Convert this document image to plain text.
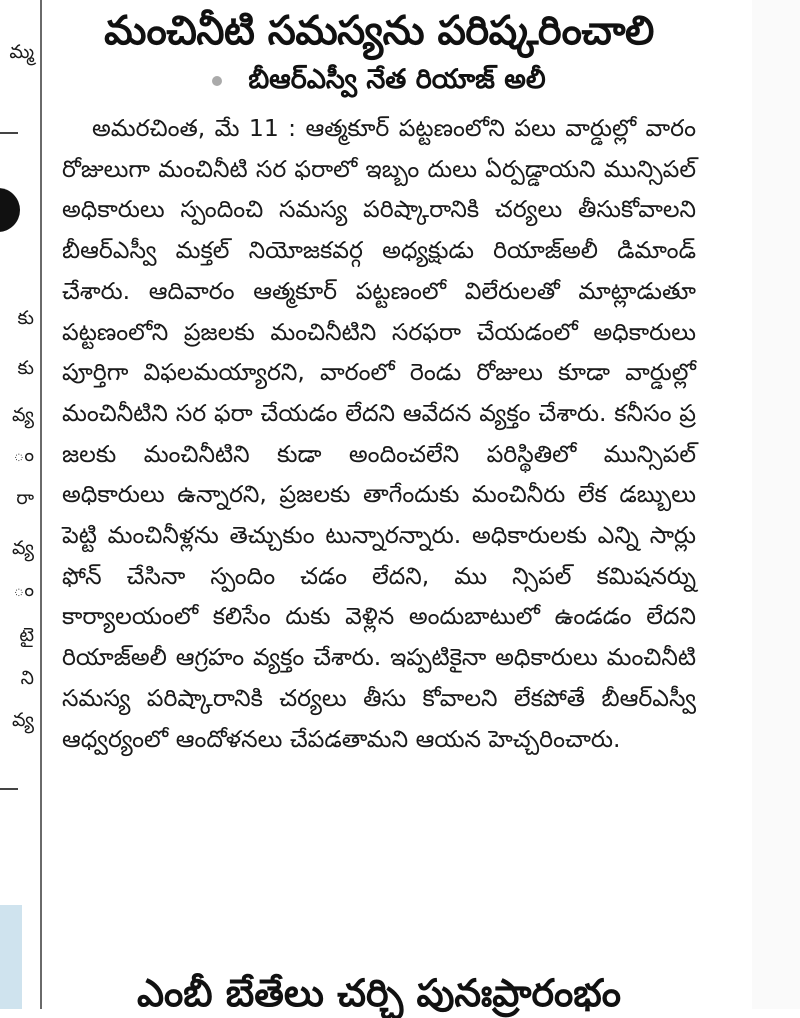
మ్మ
కు
కు
వ్య
ం
రా
వ్య
ం
టై
ని
వ్య
మంచినీటి సమస్యను పరిష్కరించాలి
బీఆర్ఎస్వీ నేత రియాజ్ అలీ

అమరచింత, మే 11 : ఆత్మకూర్ పట్టణంలోని పలు వార్డుల్లో వారం రోజులుగా మంచినీటి సర ఫరాలో ఇబ్బం దులు ఏర్పడ్డాయని మున్సిపల్ అధికారులు స్పందించి సమస్య పరిష్కారానికి చర్యలు తీసుకోవాలని బీఆర్ఎస్వీ మక్తల్ నియోజకవర్గ అధ్యక్షుడు రియాజ్అలీ డిమాండ్ చేశారు. ఆదివారం ఆత్మకూర్ పట్టణంలో విలేరులతో మాట్లాడుతూ పట్టణంలోని ప్రజలకు మంచినీటిని సరఫరా చేయడంలో అధికారులు పూర్తిగా విఫలమయ్యారని, వారంలో రెండు రోజులు కూడా వార్డుల్లో మంచినీటిని సర ఫరా చేయడం లేదని ఆవేదన వ్యక్తం చేశారు. కనీసం ప్ర జలకు మంచినీటిని కుడా అందించలేని పరిస్థితిలో మున్సిపల్ అధికారులు ఉన్నారని, ప్రజలకు తాగేందుకు మంచినీరు లేక డబ్బులు పెట్టి మంచినీళ్లను తెచ్చుకుం టున్నారన్నారు. అధికారులకు ఎన్ని సార్లు ఫోన్ చేసినా స్పందిం చడం లేదని, ము న్సిపల్ కమిషనర్ను కార్యాలయంలో కలిసేం దుకు వెళ్లిన అందుబాటులో ఉండడం లేదని రియాజ్అలీ ఆగ్రహం వ్యక్తం చేశారు. ఇప్పటికైనా అధికారులు మంచినీటి సమస్య పరిష్కారానికి చర్యలు తీసు కోవాలని లేకపోతే బీఆర్ఎస్వీ ఆధ్వర్యంలో ఆందోళనలు చేపడతామని ఆయన హెచ్చరించారు.

ఎంబీ బేతేలు చర్చి పునఃప్రారంభం
